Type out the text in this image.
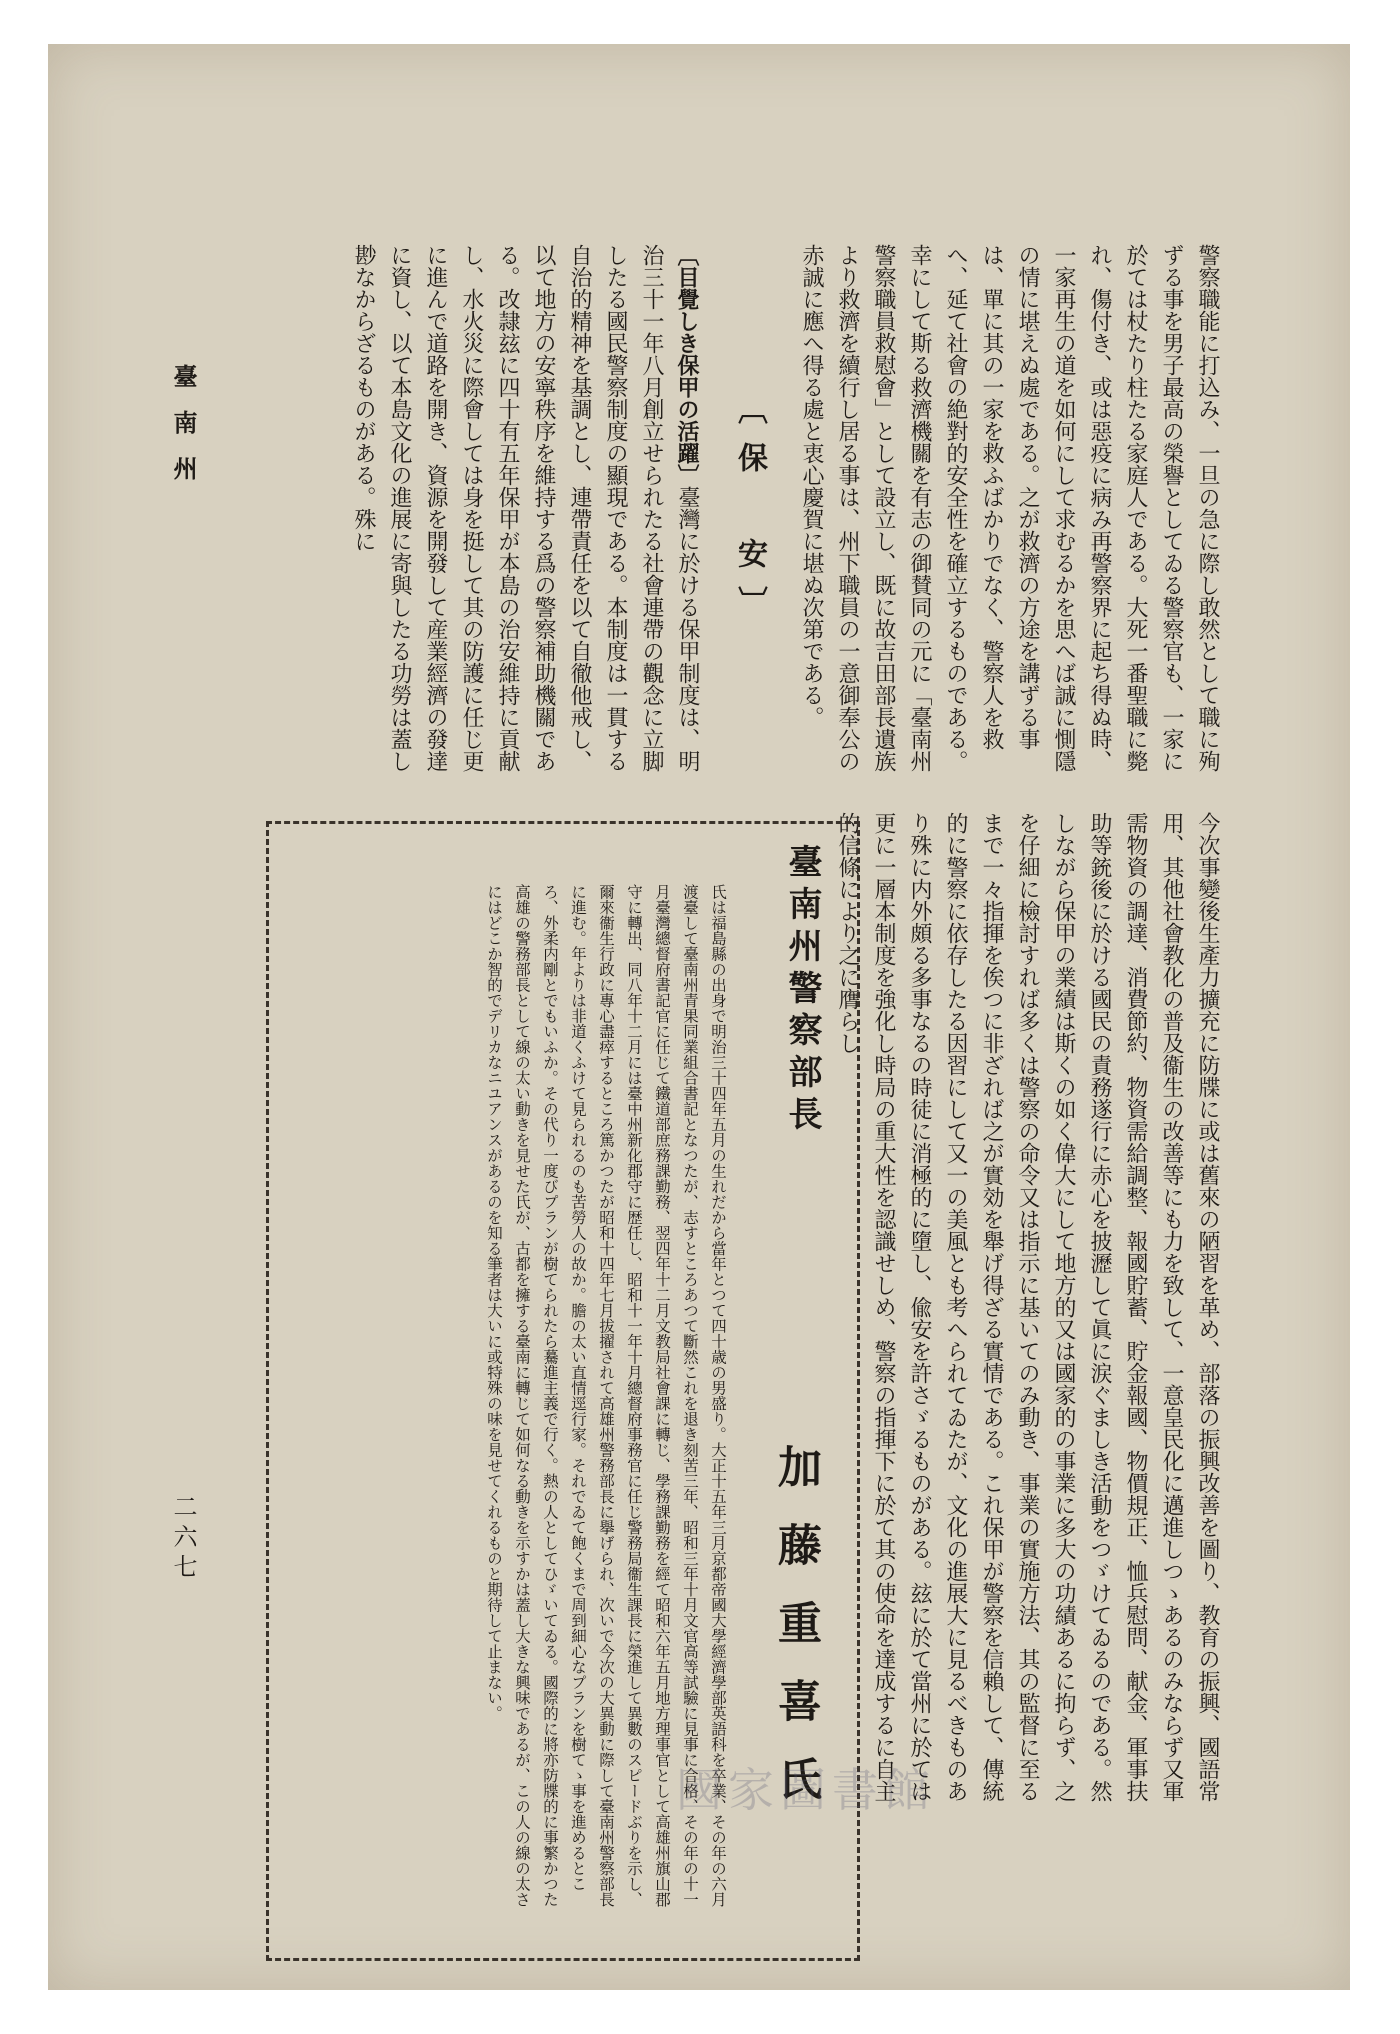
臺南州
二六七

警察職能に打込み、一旦の急に際し敢然として職に殉ずる事を男子最高の榮譽としてゐる警察官も、一家に於ては杖たり柱たる家庭人である。大死一番聖職に斃れ、傷付き、或は惡疫に病み再警察界に起ち得ぬ時、一家再生の道を如何にして求むるかを思へば誠に惻隱の情に堪えぬ處である。之が救濟の方途を講ずる事は、單に其の一家を救ふばかりでなく、警察人を救へ、延て社會の絶對的安全性を確立するものである。幸にして斯る救濟機關を有志の御賛同の元に「臺南州警察職員救慰會」として設立し、既に故吉田部長遺族より救濟を續行し居る事は、州下職員の一意御奉公の赤誠に應へ得る處と衷心慶賀に堪ぬ次第である。

〔保　安〕

〔目覺しき保甲の活躍〕臺灣に於ける保甲制度は、明治三十一年八月創立せられたる社會連帶の觀念に立脚したる國民警察制度の顯現である。本制度は一貫する自治的精神を基調とし、連帶責任を以て自徹他戒し、以て地方の安寧秩序を維持する爲の警察補助機關である。改隷玆に四十有五年保甲が本島の治安維持に貢献し、水火災に際會しては身を挺して其の防護に任じ更に進んで道路を開き、資源を開發して産業經濟の發達に資し、以て本島文化の進展に寄與したる功勞は蓋し尠なからざるものがある。殊に

今次事變後生產力擴充に防牒に或は舊來の陋習を革め、部落の振興改善を圖り、教育の振興、國語常用、其他社會教化の普及衞生の改善等にも力を致して、一意皇民化に邁進しつゝあるのみならず又軍需物資の調達、消費節約、物資需給調整、報國貯蓄、貯金報國、物價規正、恤兵慰問、献金、軍事扶助等銃後に於ける國民の責務遂行に赤心を披瀝して眞に涙ぐましき活動をつゞけてゐるのである。然しながら保甲の業績は斯くの如く偉大にして地方的又は國家的の事業に多大の功績あるに拘らず、之を仔細に檢討すれば多くは警察の命令又は指示に基いてのみ動き、事業の實施方法、其の監督に至るまで一々指揮を俟つに非ざれば之が實効を舉げ得ざる實情である。これ保甲が警察を信賴して、傳統的に警察に依存したる因習にして又一の美風とも考へられてゐたが、文化の進展大に見るべきものあり殊に内外頗る多事なるの時徒に消極的に墮し、偸安を許さゞるものがある。玆に於て當州に於ては更に一層本制度を強化し時局の重大性を認識せしめ、警察の指揮下に於て其の使命を達成するに自主的信條により之に膺らし

臺南州警察部長
加藤重喜氏

氏は福島縣の出身で明治三十四年五月の生れだから當年とつて四十歳の男盛り。大正十五年三月京都帝國大學經濟學部英語科を卒業、その年の六月渡臺して臺南州青果同業組合書記となつたが、志すところあつて斷然これを退き刻苦三年、昭和三年十月文官高等試驗に見事に合格、その年の十一月臺灣總督府書記官に任じて鐵道部庶務課勤務、翌四年十二月文教局社會課に轉じ、學務課勤務を經て昭和六年五月地方理事官として高雄州旗山郡守に轉出、同八年十二月には臺中州新化郡守に歴任し、昭和十一年十月總督府事務官に任じ警務局衞生課長に榮進して異數のスピードぶりを示し、爾來衞生行政に專心盡瘁するところ篤かつたが昭和十四年七月拔擢されて高雄州警務部長に擧げられ、次いで今次の大異動に際して臺南州警察部長に進む。年よりは非道くふけて見られるのも苦勞人の故か。膽の太い直情逕行家。それでゐて飽くまで周到細心なプランを樹てゝ事を進めるところ、外柔内剛とでもいふか。その代り一度びプランが樹てられたら驀進主義で行く。熱の人としてひゞいてゐる。國際的に將亦防牒的に事繁かつた高雄の警務部長として線の太い動きを見せた氏が、古都を擁する臺南に轉じて如何なる動きを示すかは蓋し大きな興味であるが、この人の線の太さにはどこか智的でデリカなニユアンスがあるのを知る筆者は大いに或特殊の味を見せてくれるものと期待して止まない。

國家圖書館
